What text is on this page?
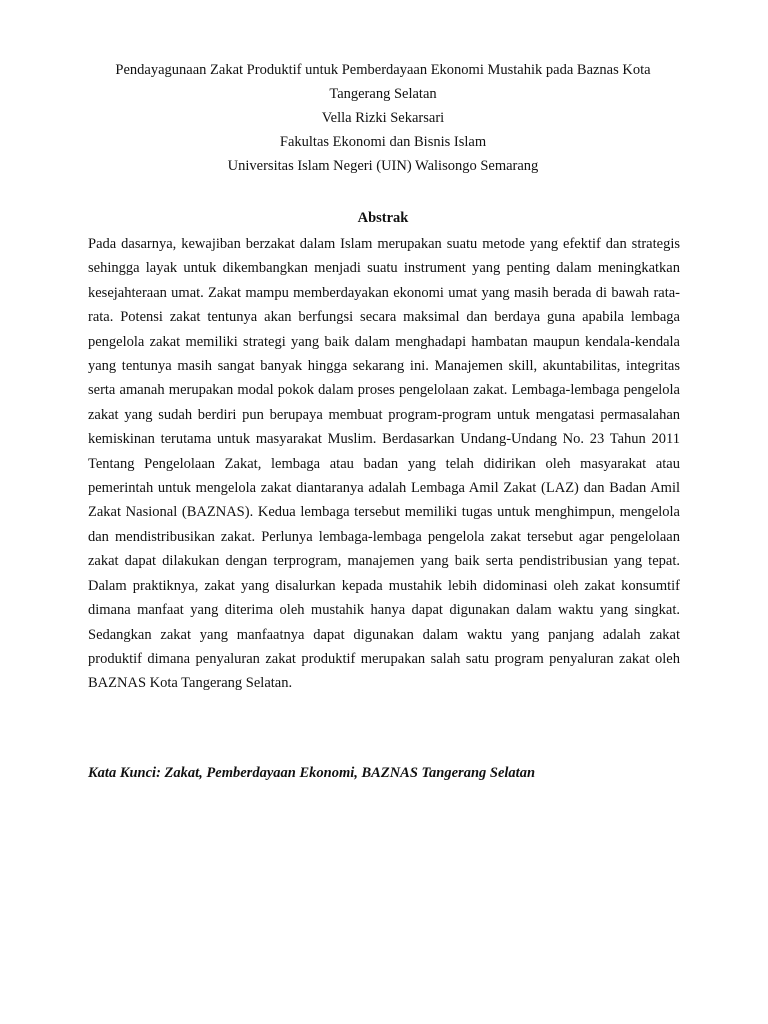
Pendayagunaan Zakat Produktif untuk Pemberdayaan Ekonomi Mustahik pada Baznas Kota Tangerang Selatan
Vella Rizki Sekarsari
Fakultas Ekonomi dan Bisnis Islam
Universitas Islam Negeri (UIN) Walisongo Semarang
Abstrak

Pada dasarnya, kewajiban berzakat dalam Islam merupakan suatu metode yang efektif dan strategis sehingga layak untuk dikembangkan menjadi suatu instrument yang penting dalam meningkatkan kesejahteraan umat. Zakat mampu memberdayakan ekonomi umat yang masih berada di bawah rata-rata. Potensi zakat tentunya akan berfungsi secara maksimal dan berdaya guna apabila lembaga pengelola zakat memiliki strategi yang baik dalam menghadapi hambatan maupun kendala-kendala yang tentunya masih sangat banyak hingga sekarang ini. Manajemen skill, akuntabilitas, integritas serta amanah merupakan modal pokok dalam proses pengelolaan zakat. Lembaga-lembaga pengelola zakat yang sudah berdiri pun berupaya membuat program-program untuk mengatasi permasalahan kemiskinan terutama untuk masyarakat Muslim. Berdasarkan Undang-Undang No. 23 Tahun 2011 Tentang Pengelolaan Zakat, lembaga atau badan yang telah didirikan oleh masyarakat atau pemerintah untuk mengelola zakat diantaranya adalah Lembaga Amil Zakat (LAZ) dan Badan Amil Zakat Nasional (BAZNAS). Kedua lembaga tersebut memiliki tugas untuk menghimpun, mengelola dan mendistribusikan zakat. Perlunya lembaga-lembaga pengelola zakat tersebut agar pengelolaan zakat dapat dilakukan dengan terprogram, manajemen yang baik serta pendistribusian yang tepat. Dalam praktiknya, zakat yang disalurkan kepada mustahik lebih didominasi oleh zakat konsumtif dimana manfaat yang diterima oleh mustahik hanya dapat digunakan dalam waktu yang singkat. Sedangkan zakat yang manfaatnya dapat digunakan dalam waktu yang panjang adalah zakat produktif dimana penyaluran zakat produktif merupakan salah satu program penyaluran zakat oleh BAZNAS Kota Tangerang Selatan.

Kata Kunci: Zakat, Pemberdayaan Ekonomi, BAZNAS Tangerang Selatan
